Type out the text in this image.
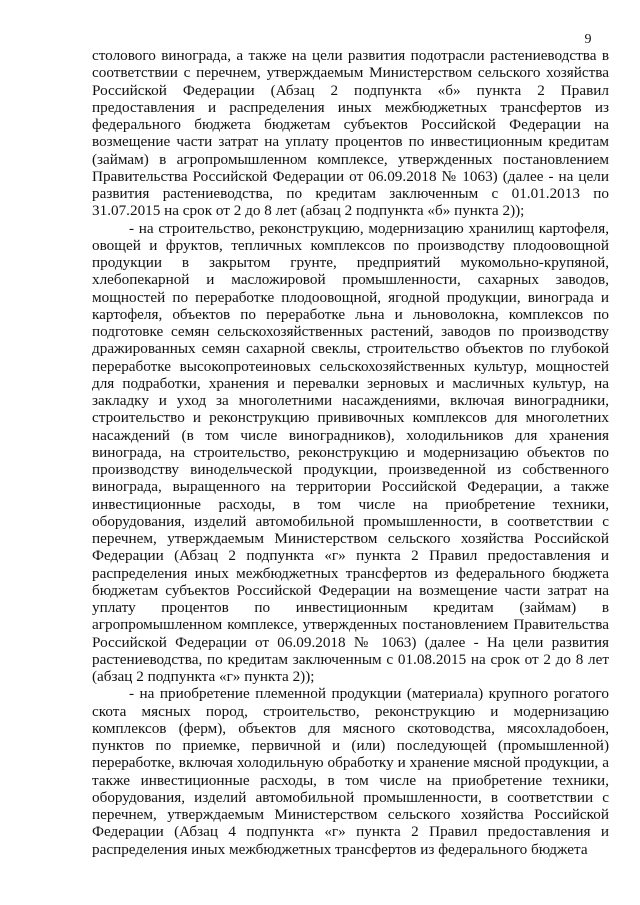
9

столового винограда, а также на цели развития подотрасли растениеводства в соответствии с перечнем, утверждаемым Министерством сельского хозяйства Российской Федерации (Абзац 2 подпункта «б» пункта 2 Правил предоставления и распределения иных межбюджетных трансфертов из федерального бюджета бюджетам субъектов Российской Федерации на возмещение части затрат на уплату процентов по инвестиционным кредитам (займам) в агропромышленном комплексе, утвержденных постановлением Правительства Российской Федерации от 06.09.2018 № 1063) (далее - на цели развития растениеводства, по кредитам заключенным с 01.01.2013 по 31.07.2015 на срок от 2 до 8 лет (абзац 2 подпункта «б» пункта 2));

- на строительство, реконструкцию, модернизацию хранилищ картофеля, овощей и фруктов, тепличных комплексов по производству плодоовощной продукции в закрытом грунте, предприятий мукомольно-крупяной, хлебопекарной и масложировой промышленности, сахарных заводов, мощностей по переработке плодоовощной, ягодной продукции, винограда и картофеля, объектов по переработке льна и льноволокна, комплексов по подготовке семян сельскохозяйственных растений, заводов по производству дражированных семян сахарной свеклы, строительство объектов по глубокой переработке высокопротеиновых сельскохозяйственных культур, мощностей для подработки, хранения и перевалки зерновых и масличных культур, на закладку и уход за многолетними насаждениями, включая виноградники, строительство и реконструкцию прививочных комплексов для многолетних насаждений (в том числе виноградников), холодильников для хранения винограда, на строительство, реконструкцию и модернизацию объектов по производству винодельческой продукции, произведенной из собственного винограда, выращенного на территории Российской Федерации, а также инвестиционные расходы, в том числе на приобретение техники, оборудования, изделий автомобильной промышленности, в соответствии с перечнем, утверждаемым Министерством сельского хозяйства Российской Федерации (Абзац 2 подпункта «г» пункта 2 Правил предоставления и распределения иных межбюджетных трансфертов из федерального бюджета бюджетам субъектов Российской Федерации на возмещение части затрат на уплату процентов по инвестиционным кредитам (займам) в агропромышленном комплексе, утвержденных постановлением Правительства Российской Федерации от 06.09.2018 № 1063) (далее - На цели развития растениеводства, по кредитам заключенным с 01.08.2015 на срок от 2 до 8 лет (абзац 2 подпункта «г» пункта 2));

- на приобретение племенной продукции (материала) крупного рогатого скота мясных пород, строительство, реконструкцию и модернизацию комплексов (ферм), объектов для мясного скотоводства, мясохладобоен, пунктов по приемке, первичной и (или) последующей (промышленной) переработке, включая холодильную обработку и хранение мясной продукции, а также инвестиционные расходы, в том числе на приобретение техники, оборудования, изделий автомобильной промышленности, в соответствии с перечнем, утверждаемым Министерством сельского хозяйства Российской Федерации (Абзац 4 подпункта «г» пункта 2 Правил предоставления и распределения иных межбюджетных трансфертов из федерального бюджета
